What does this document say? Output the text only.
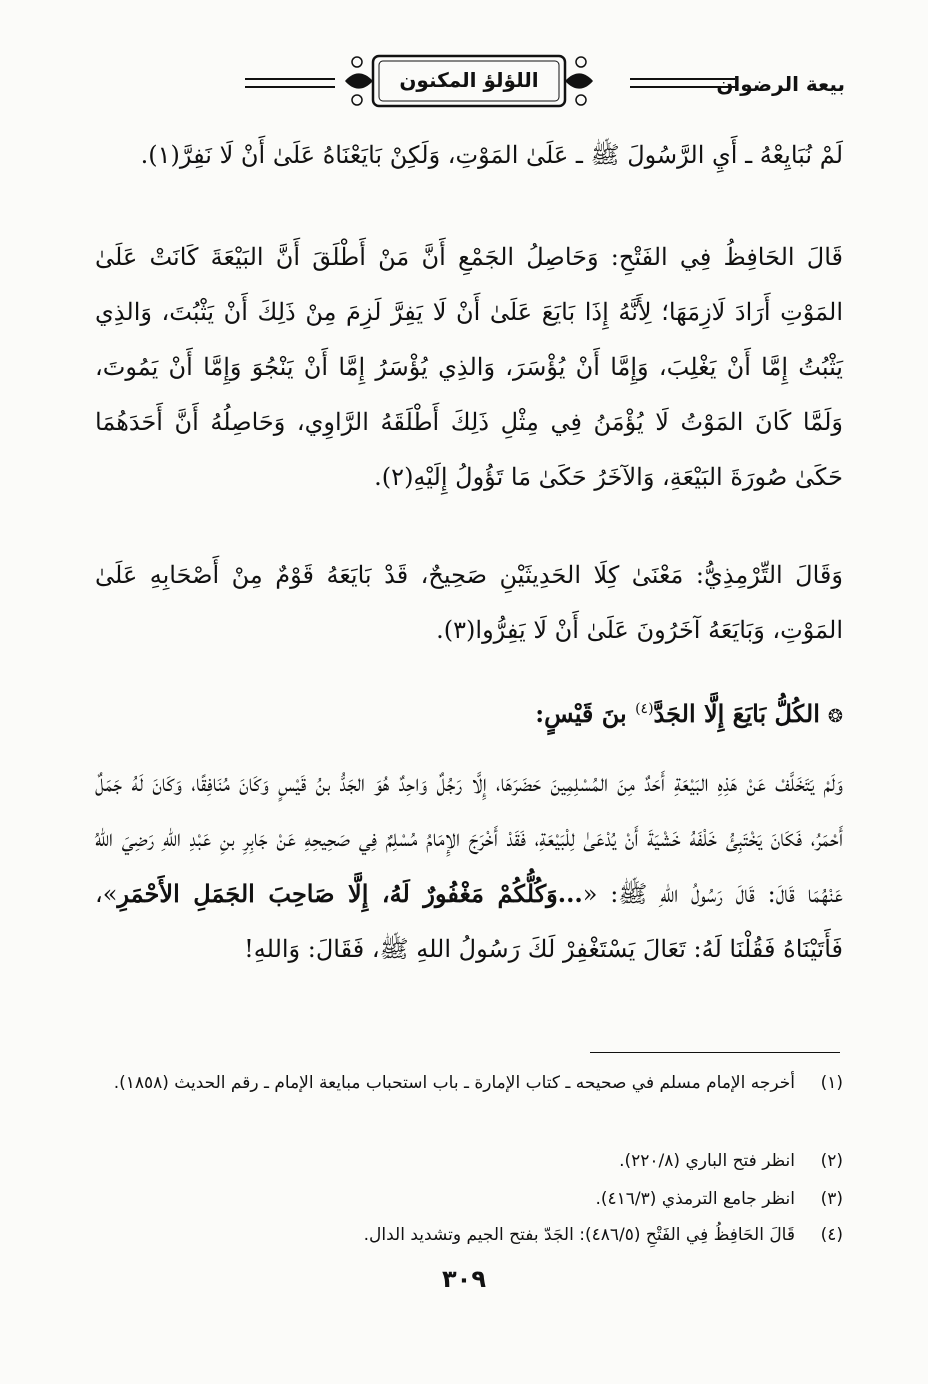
بيعة الرضوان
اللؤلؤ المكنون

لَمْ نُبَايِعْهُ ـ أَيِ الرَّسُولَ ﷺ ـ عَلَىٰ المَوْتِ، وَلَكِنْ بَايَعْنَاهُ عَلَىٰ أَنْ لَا نَفِرَّ(١).

قَالَ الحَافِظُ فِي الفَتْحِ: وَحَاصِلُ الجَمْعِ أَنَّ مَنْ أَطْلَقَ أَنَّ البَيْعَةَ كَانَتْ عَلَىٰ المَوْتِ أَرَادَ لَازِمَهَا؛ لِأَنَّهُ إِذَا بَايَعَ عَلَىٰ أَنْ لَا يَفِرَّ لَزِمَ مِنْ ذَلِكَ أَنْ يَثْبُتَ، وَالذِي يَثْبُتُ إِمَّا أَنْ يَغْلِبَ، وَإِمَّا أَنْ يُؤْسَرَ، وَالذِي يُؤْسَرُ إِمَّا أَنْ يَنْجُوَ وَإِمَّا أَنْ يَمُوتَ، وَلَمَّا كَانَ المَوْتُ لَا يُؤْمَنُ فِي مِثْلِ ذَلِكَ أَطْلَقَهُ الرَّاوِي، وَحَاصِلُهُ أَنَّ أَحَدَهُمَا حَكَىٰ صُورَةَ البَيْعَةِ، وَالآخَرُ حَكَىٰ مَا تَؤُولُ إِلَيْهِ(٢).

وَقَالَ التِّرْمِذِيُّ: مَعْنَىٰ كِلَا الحَدِيثَيْنِ صَحِيحٌ، قَدْ بَايَعَهُ قَوْمٌ مِنْ أَصْحَابِهِ عَلَىٰ المَوْتِ، وَبَايَعَهُ آخَرُونَ عَلَىٰ أَنْ لَا يَفِرُّوا(٣).

❂الكُلُّ بَايَعَ إِلَّا الجَدَّ$^{(٤)}$ بنَ قَيْسٍ:

وَلَمْ يَتَخَلَّفْ عَنْ هَذِهِ البَيْعَةِ أَحَدٌ مِنَ المُسْلِمِينَ حَضَرَهَا، إِلَّا رَجُلٌ وَاحِدٌ هُوَ الجَدُّ بنُ قَيْسٍ وَكَانَ مُنَافِقًا، وَكَانَ لَهُ جَمَلٌ أَحْمَرُ، فَكَانَ يَخْتَبِئُ خَلْفَهُ خَشْيَةَ أَنْ يُدْعَىٰ لِلْبَيْعَةِ، فَقَدْ أَخْرَجَ الإِمَامُ مُسْلِمٌ فِي صَحِيحِهِ عَنْ جَابِرِ بنِ عَبْدِ اللهِ رَضِيَ اللهُ عَنْهُمَا قَالَ: قَالَ رَسُولُ اللهِ ﷺ: «...وَكُلُّكُمْ مَغْفُورٌ لَهُ، إِلَّا صَاحِبَ الجَمَلِ الأَحْمَرِ»، فَأَتَيْنَاهُ فَقُلْنَا لَهُ: تَعَالَ يَسْتَغْفِرْ لَكَ رَسُولُ اللهِ ﷺ، فَقَالَ: وَاللهِ!

(١)أخرجه الإمام مسلم في صحيحه ـ كتاب الإمارة ـ باب استحباب مبايعة الإمام ـ رقم الحديث (١٨٥٨).
(٢)انظر فتح الباري (٢٢٠/٨).
(٣)انظر جامع الترمذي (٤١٦/٣).
(٤)قَالَ الحَافِظُ فِي الفَتْحِ (٤٨٦/٥): الجَدّ بفتح الجيم وتشديد الدال.
٣٠٩
